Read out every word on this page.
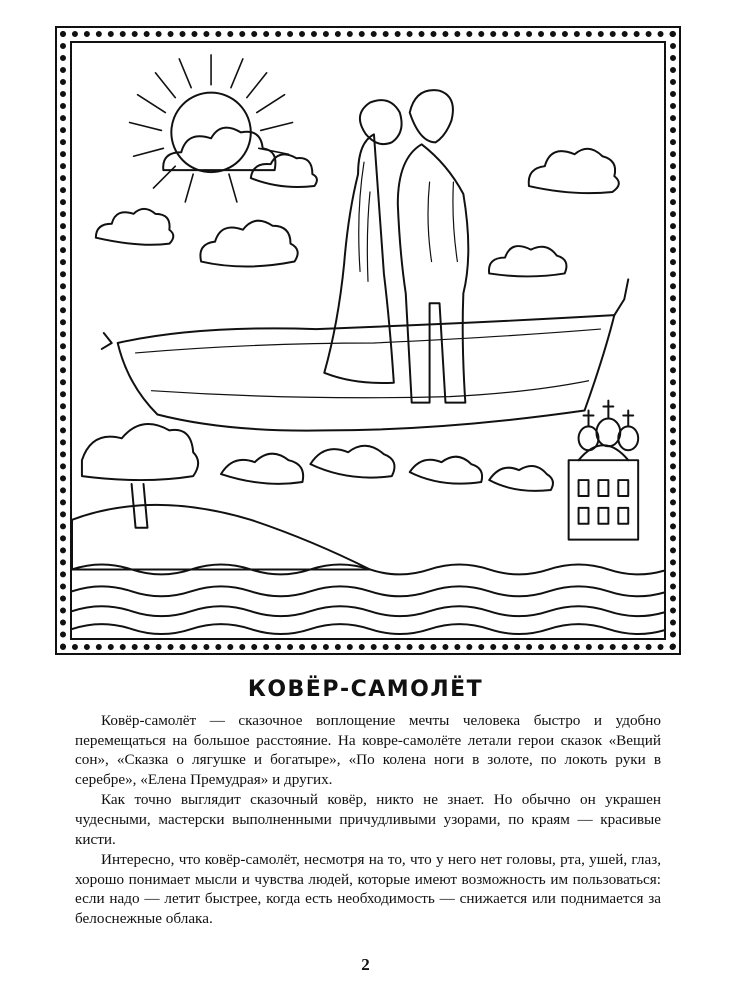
КОВЁР-САМОЛЁТ

Ковёр-самолёт — сказочное воплощение мечты человека быстро и удобно перемещаться на большое расстояние. На ковре-самолёте летали герои сказок «Вещий сон», «Сказка о лягушке и богатыре», «По колена ноги в золоте, по локоть руки в серебре», «Елена Премудрая» и других.

Как точно выглядит сказочный ковёр, никто не знает. Но обычно он украшен чудесными, мастерски выполненными причудливыми узорами, по краям — красивые кисти.

Интересно, что ковёр-самолёт, несмотря на то, что у него нет головы, рта, ушей, глаз, хорошо понимает мысли и чувства людей, которые имеют возможность им пользоваться: если надо — летит быстрее, когда есть необходимость — снижается или поднимается за белоснежные облака.

2
